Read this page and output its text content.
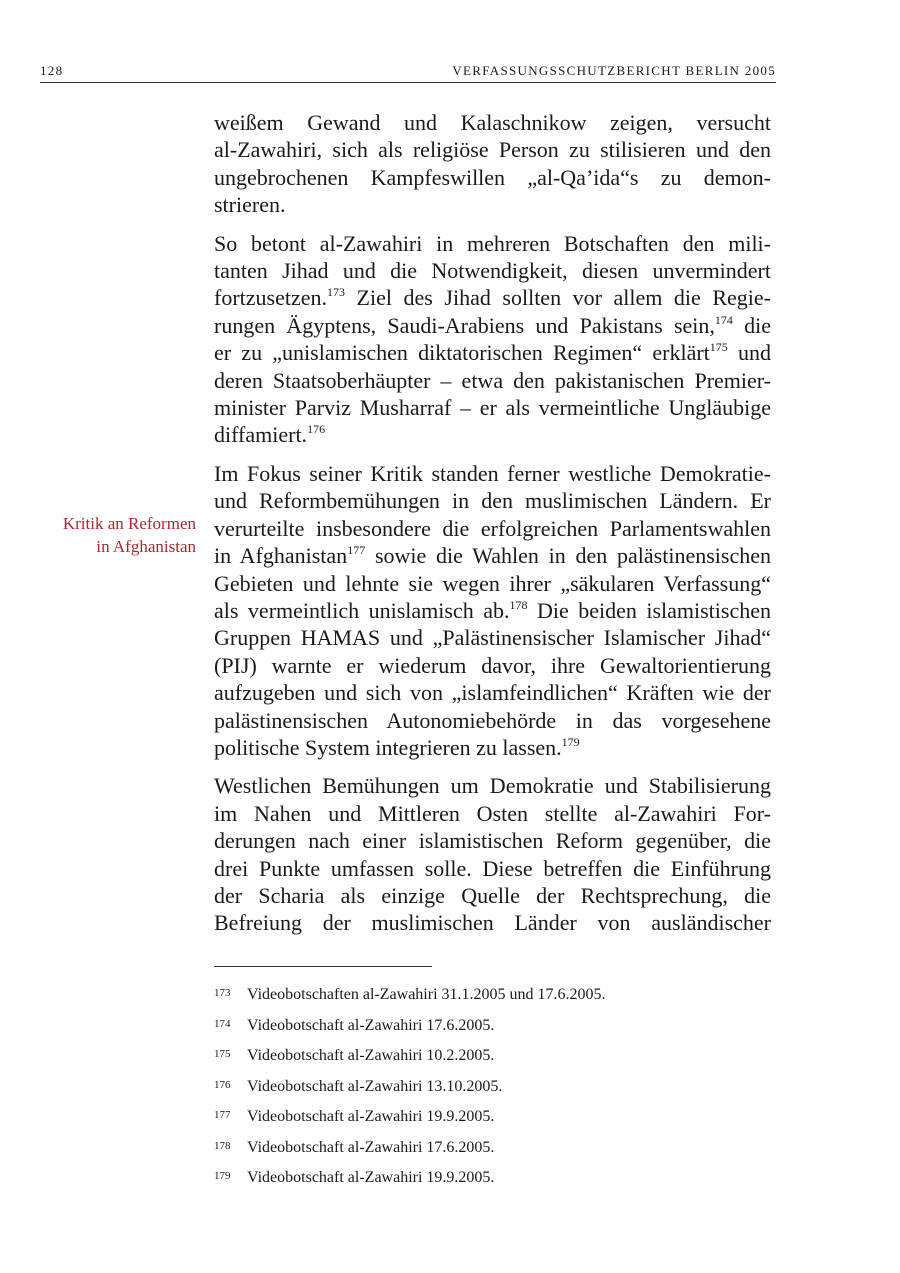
128	VERFASSUNGSSCHUTZBERICHT BERLIN 2005
Kritik an Reformen
in Afghanistan

weißem Gewand und Kalaschnikow zeigen, versucht
al-Zawahiri, sich als religiöse Person zu stilisieren und den
ungebrochenen Kampfeswillen „al-Qa’ida“s zu demon-
strieren.

So betont al-Zawahiri in mehreren Botschaften den mili-
tanten Jihad und die Notwendigkeit, diesen unvermindert
fortzusetzen.$^{173}$ Ziel des Jihad sollten vor allem die Regie-
rungen Ägyptens, Saudi-Arabiens und Pakistans sein,$^{174}$ die
er zu „unislamischen diktatorischen Regimen“ erklärt$^{175}$ und
deren Staatsoberhäupter – etwa den pakistanischen Premier-
minister Parviz Musharraf – er als vermeintliche Ungläubige
diffamiert.$^{176}$

Im Fokus seiner Kritik standen ferner westliche Demokratie-
und Reformbemühungen in den muslimischen Ländern. Er
verurteilte insbesondere die erfolgreichen Parlamentswahlen
in Afghanistan$^{177}$ sowie die Wahlen in den palästinensischen
Gebieten und lehnte sie wegen ihrer „säkularen Verfassung“
als vermeintlich unislamisch ab.$^{178}$ Die beiden islamistischen
Gruppen HAMAS und „Palästinensischer Islamischer Jihad“
(PIJ) warnte er wiederum davor, ihre Gewaltorientierung
aufzugeben und sich von „islamfeindlichen“ Kräften wie der
palästinensischen Autonomiebehörde in das vorgesehene
politische System integrieren zu lassen.$^{179}$

Westlichen Bemühungen um Demokratie und Stabilisierung
im Nahen und Mittleren Osten stellte al-Zawahiri For-
derungen nach einer islamistischen Reform gegenüber, die
drei Punkte umfassen solle. Diese betreffen die Einführung
der Scharia als einzige Quelle der Rechtsprechung, die
Befreiung der muslimischen Länder von ausländischer

173 Videobotschaften al-Zawahiri 31.1.2005 und 17.6.2005.
174 Videobotschaft al-Zawahiri 17.6.2005.
175 Videobotschaft al-Zawahiri 10.2.2005.
176 Videobotschaft al-Zawahiri 13.10.2005.
177 Videobotschaft al-Zawahiri 19.9.2005.
178 Videobotschaft al-Zawahiri 17.6.2005.
179 Videobotschaft al-Zawahiri 19.9.2005.
